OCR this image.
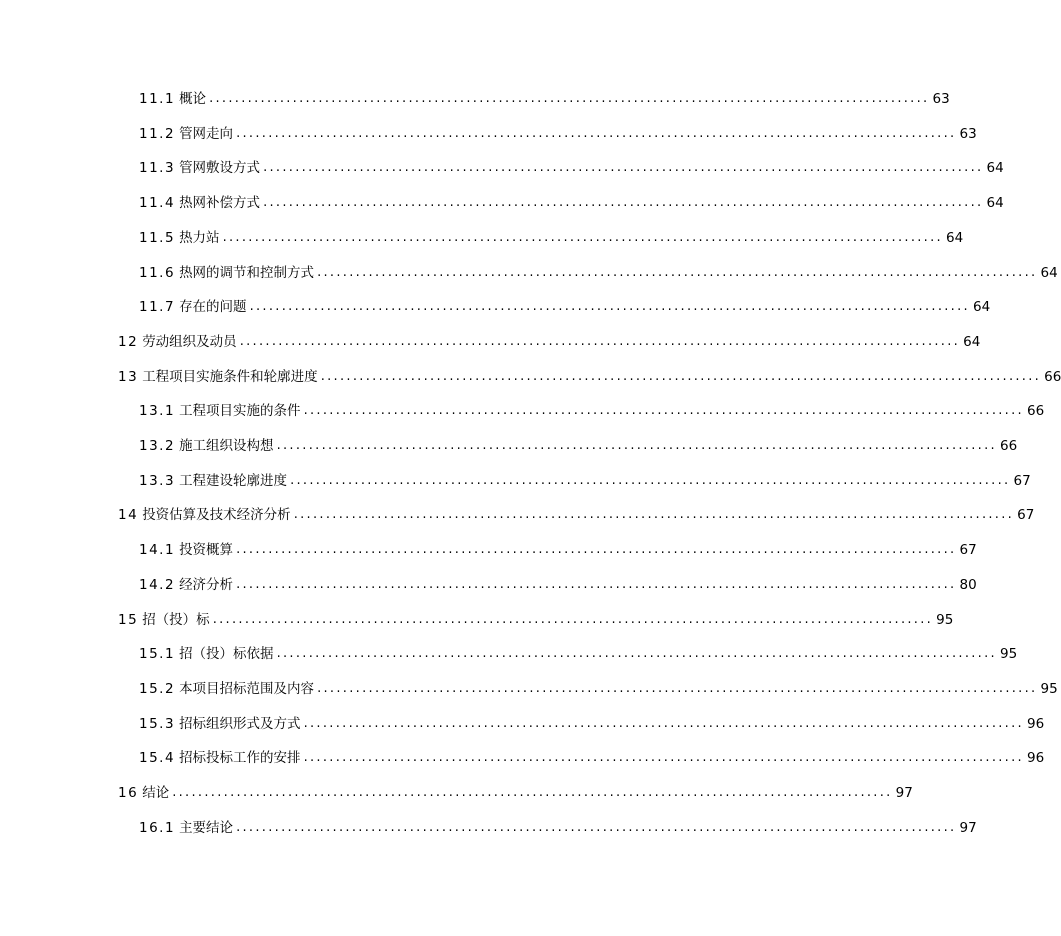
11.1 概论 ................................................................................................................ 63
11.2 管网走向 ................................................................................................................ 63
11.3 管网敷设方式 ................................................................................................................ 64
11.4 热网补偿方式 ................................................................................................................ 64
11.5 热力站 ................................................................................................................ 64
11.6 热网的调节和控制方式 ................................................................................................................ 64
11.7 存在的问题 ................................................................................................................ 64
12 劳动组织及动员 ................................................................................................................ 64
13 工程项目实施条件和轮廓进度 ................................................................................................................ 66
13.1 工程项目实施的条件 ................................................................................................................ 66
13.2 施工组织设构想 ................................................................................................................ 66
13.3 工程建设轮廓进度 ................................................................................................................ 67
14 投资估算及技术经济分析 ................................................................................................................ 67
14.1 投资概算 ................................................................................................................ 67
14.2 经济分析 ................................................................................................................ 80
15 招（投）标 ................................................................................................................ 95
15.1 招（投）标依据 ................................................................................................................ 95
15.2 本项目招标范围及内容 ................................................................................................................ 95
15.3 招标组织形式及方式 ................................................................................................................ 96
15.4 招标投标工作的安排 ................................................................................................................ 96
16 结论 ................................................................................................................ 97
16.1 主要结论 ................................................................................................................ 97
